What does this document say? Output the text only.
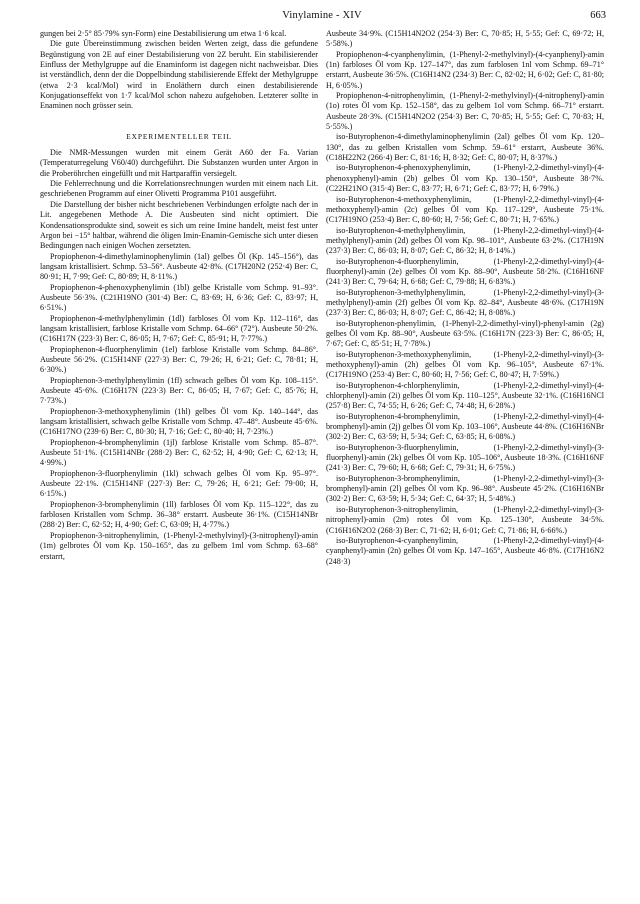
Vinylamine - XIV	663

gungen bei 2·5° 85·79% syn-Form) eine Destabilisierung um etwa 1·6 kcal.

Die gute Übereinstimmung zwischen beiden Werten zeigt, dass die gefundene Begünstigung von 2E auf einer Destabilisierung von 2Z beruht. Ein stabilisierender Einfluss der Methylgruppe auf die Enaminform ist dagegen nicht nachweisbar. Dies ist verständlich, denn der die Doppelbindung stabilisierende Effekt der Methylgruppe (etwa 2·3 kcal/Mol) wird in Enoläthern durch einen destabilisierende Konjugationseffekt von 1·7 kcal/Mol schon nahezu aufgehoben. Letzterer sollte in Enaminen noch grösser sein.

EXPERIMENTELLER TEIL

Die NMR-Messungen wurden mit einem Gerät A60 der Fa. Varian (Temperaturregelung V60/40) durchgeführt. Die Substanzen wurden unter Argon in die Proberöhrchen eingefüllt und mit Hartparaffin versiegelt.

Die Fehlerrechnung und die Korrelationsrechnungen wurden mit einem nach Lit. geschriebenen Programm auf einer Olivetti Programma P101 ausgeführt.

Die Darstellung der bisher nicht beschriebenen Verbindungen erfolgte nach der in Lit. angegebenen Methode A. Die Ausbeuten sind nicht optimiert. Die Kondensationsprodukte sind, soweit es sich um reine Imine handelt, meist fest unter Argon bei −15° haltbar, während die öligen Imin-Enamin-Gemische sich unter diesen Bedingungen nach einigen Wochen zersetzten.

Propiophenon-4-dimethylaminophenylimin (1al) gelbes Öl (Kp. 145–156°), das langsam kristallisiert. Schmp. 53–56°. Ausbeute 42·8%. (C17H20N2 (252·4) Ber: C, 80·91; H, 7·99; Gef: C, 80·89; H, 8·11%.)

Propiophenon-4-phenoxyphenylimin (1bl) gelbe Kristalle vom Schmp. 91–93°. Ausbeute 56·3%. (C21H19NO (301·4) Ber: C, 83·69; H, 6·36; Gef: C, 83·97; H, 6·51%.)

Propiophenon-4-methylphenylimin (1dl) farbloses Öl vom Kp. 112–116°, das langsam kristallisiert, farblose Kristalle vom Schmp. 64–66° (72°). Ausbeute 50·2%. (C16H17N (223·3) Ber: C, 86·05; H, 7·67; Gef: C, 85·91; H, 7·77%.)

Propiophenon-4-fluorphenylimin (1el) farblose Kristalle vom Schmp. 84–86°. Ausbeute 56·2%. (C15H14NF (227·3) Ber: C, 79·26; H, 6·21; Gef: C, 78·81; H, 6·30%.)

Propiophenon-3-methylphenylimin (1fl) schwach gelbes Öl vom Kp. 108–115°. Ausbeute 45·6%. (C16H17N (223·3) Ber: C, 86·05; H, 7·67; Gef: C, 85·76; H, 7·73%.)

Propiophenon-3-methoxyphenylimin (1hl) gelbes Öl vom Kp. 140–144°, das langsam kristallisiert, schwach gelbe Kristalle vom Schmp. 47–48°. Ausbeute 45·6%. (C16H17NO (239·6) Ber: C, 80·30; H, 7·16; Gef: C, 80·40; H, 7·23%.)

Propiophenon-4-bromphenylimin (1jl) farblose Kristalle vom Schmp. 85–87°. Ausbeute 51·1%. (C15H14NBr (288·2) Ber: C, 62·52; H, 4·90; Gef: C, 62·13; H, 4·99%.)

Propiophenon-3-fluorphenylimin (1kl) schwach gelbes Öl vom Kp. 95–97°. Ausbeute 22·1%. (C15H14NF (227·3) Ber: C, 79·26; H, 6·21; Gef: 79·00; H, 6·15%.)

Propiophenon-3-bromphenylimin (1ll) farbloses Öl vom Kp. 115–122°, das zu farblosen Kristallen vom Schmp. 36–38° erstarrt. Ausbeute 36·1%. (C15H14NBr (288·2) Ber: C, 62·52; H, 4·90; Gef: C, 63·09; H, 4·77%.)

Propiophenon-3-nitrophenylimin, (1-Phenyl-2-methylvinyl)-(3-nitrophenyl)-amin (1m) gelbrotes Öl vom Kp. 150–165°, das zu gelbem 1ml vom Schmp. 63–68° erstarrt,

Ausbeute 34·9%. (C15H14N2O2 (254·3) Ber: C, 70·85; H, 5·55; Gef: C, 69·72; H, 5·58%.)

Propiophenon-4-cyanphenylimin, (1-Phenyl-2-methylvinyl)-(4-cyanphenyl)-amin (1n) farbloses Öl vom Kp. 127–147°, das zum farblosen 1nl vom Schmp. 69–71° erstarrt, Ausbeute 36·5%. (C16H14N2 (234·3) Ber: C, 82·02; H, 6·02; Gef: C, 81·80; H, 6·05%.)

Propiophenon-4-nitrophenylimin, (1-Phenyl-2-methylvinyl)-(4-nitrophenyl)-amin (1o) rotes Öl vom Kp. 152–158°, das zu gelbem 1ol vom Schmp. 66–71° erstarrt. Ausbeute 28·3%. (C15H14N2O2 (254·3) Ber: C, 70·85; H, 5·55; Gef: C, 70·83; H, 5·55%.)

iso-Butyrophenon-4-dimethylaminophenylimin (2al) gelbes Öl vom Kp. 120–130°, das zu gelben Kristallen vom Schmp. 59–61° erstarrt, Ausbeute 36%. (C18H22N2 (266·4) Ber: C, 81·16; H, 8·32; Gef: C, 80·07; H, 8·37%.)

iso-Butyrophenon-4-phenoxyphenylimin, (1-Phenyl-2,2-dimethyl-vinyl)-(4-phenoxyphenyl)-amin (2b) gelbes Öl vom Kp. 130–150°, Ausbeute 38·7%. (C22H21NO (315·4) Ber: C, 83·77; H, 6·71; Gef: C, 83·77; H, 6·79%.)

iso-Butyrophenon-4-methoxyphenylimin, (1-Phenyl-2,2-dimethyl-vinyl)-(4-methoxyphenyl)-amin (2c) gelbes Öl vom Kp. 117–129°, Ausbeute 75·1%. (C17H19NO (253·4) Ber: C, 80·60; H, 7·56; Gef: C, 80·71; H, 7·65%.)

iso-Butyrophenon-4-methylphenylimin, (1-Phenyl-2,2-dimethyl-vinyl)-(4-methylphenyl)-amin (2d) gelbes Öl vom Kp. 98–101°, Ausbeute 63·2%. (C17H19N (237·3) Ber: C, 86·03; H, 8·07; Gef: C, 86·32; H, 8·14%.)

iso-Butyrophenon-4-fluorphenylimin, (1-Phenyl-2,2-dimethyl-vinyl)-(4-fluorphenyl)-amin (2e) gelbes Öl vom Kp. 88–90°, Ausbeute 58·2%. (C16H16NF (241·3) Ber: C, 79·64; H, 6·68; Gef: C, 79·88; H, 6·83%.)

iso-Butyrophenon-3-methylphenylimin, (1-Phenyl-2,2-dimethyl-vinyl)-(3-methylphenyl)-amin (2f) gelbes Öl vom Kp. 82–84°, Ausbeute 48·6%. (C17H19N (237·3) Ber: C, 86·03; H, 8·07; Gef: C, 86·42; H, 8·08%.)

iso-Butyrophenon-phenylimin, (1-Phenyl-2,2-dimethyl-vinyl)-phenyl-amin (2g) gelbes Öl vom Kp. 88–90°, Ausbeute 63·5%. (C16H17N (223·3) Ber: C, 86·05; H, 7·67; Gef: C, 85·51; H, 7·78%.)

iso-Butyrophenon-3-methoxyphenylimin, (1-Phenyl-2,2-dimethyl-vinyl)-(3-methoxyphenyl)-amin (2h) gelbes Öl vom Kp. 96–105°, Ausbeute 67·1%. (C17H19NO (253·4) Ber: C, 80·60; H, 7·56; Gef: C, 80·47; H, 7·59%.)

iso-Butyrophenon-4-chlorphenylimin, (1-Phenyl-2,2-dimethyl-vinyl)-(4-chlorphenyl)-amin (2i) gelbes Öl vom Kp. 110–125°, Ausbeute 32·1%. (C16H16NCl (257·8) Ber: C, 74·55; H, 6·26; Gef: C, 74·48; H, 6·28%.)

iso-Butyrophenon-4-bromphenylimin, (1-Phenyl-2,2-dimethyl-vinyl)-(4-bromphenyl)-amin (2j) gelbes Öl vom Kp. 103–106°, Ausbeute 44·8%. (C16H16NBr (302·2) Ber: C, 63·59; H, 5·34; Gef: C, 63·85; H, 6·08%.)

iso-Butyrophenon-3-fluorphenylimin, (1-Phenyl-2,2-dimethyl-vinyl)-(3-fluorphenyl)-amin (2k) gelbes Öl vom Kp. 105–106°, Ausbeute 18·3%. (C16H16NF (241·3) Ber: C, 79·60; H, 6·68; Gef: C, 79·31; H, 6·75%.)

iso-Butyrophenon-3-bromphenylimin, (1-Phenyl-2,2-dimethyl-vinyl)-(3-bromphenyl)-amin (2l) gelbes Öl vom Kp. 96–98°. Ausbeute 45·2%. (C16H16NBr (302·2) Ber: C, 63·59; H, 5·34; Gef: C, 64·37; H, 5·48%.)

iso-Butyrophenon-3-nitrophenylimin, (1-Phenyl-2,2-dimethyl-vinyl)-(3-nitrophenyl)-amin (2m) rotes Öl vom Kp. 125–130°, Ausbeute 34·5%. (C16H16N2O2 (268·3) Ber: C, 71·62; H, 6·01; Gef: C, 71·86; H, 6·66%.)

iso-Butyrophenon-4-cyanphenylimin, (1-Phenyl-2,2-dimethyl-vinyl)-(4-cyanphenyl)-amin (2n) gelbes Öl vom Kp. 147–165°, Ausbeute 46·8%. (C17H16N2 (248·3)
